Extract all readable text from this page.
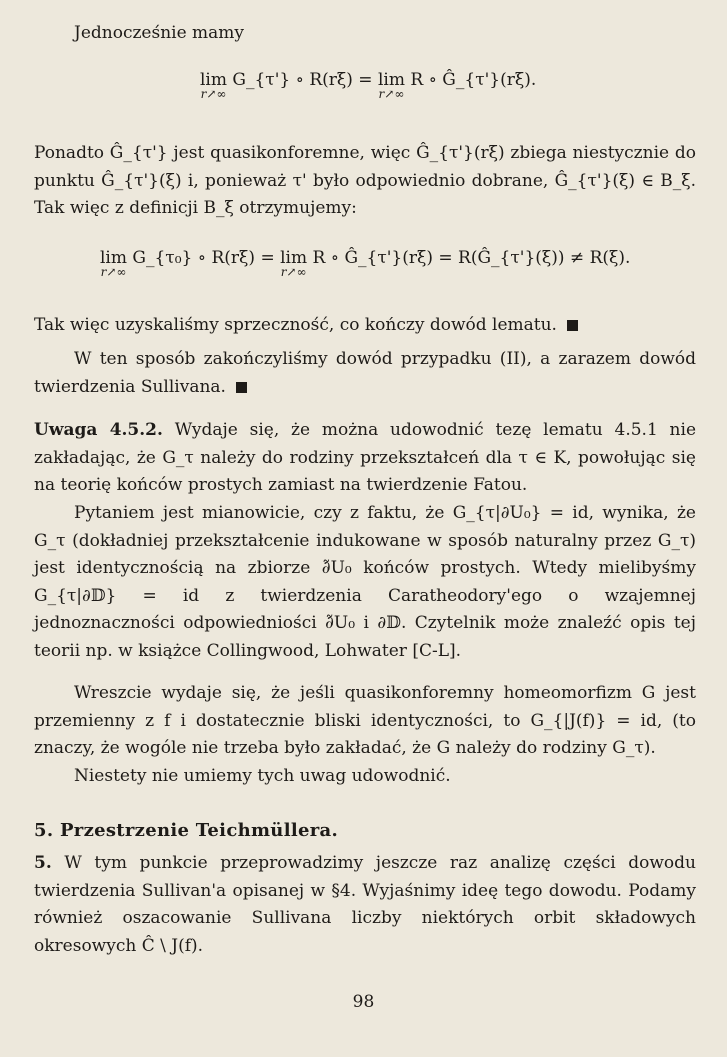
Jednocześnie mamy

lim
r↗∞
G_{τ'} ∘ R(rξ) = lim
r↗∞
R ∘ Ĝ_{τ'}(rξ).

Ponadto Ĝ_{τ'} jest quasikonforemne, więc Ĝ_{τ'}(rξ) zbiega niestycznie do punktu Ĝ_{τ'}(ξ) i, ponieważ τ' było odpowiednio dobrane, Ĝ_{τ'}(ξ) ∈ B_ξ. Tak więc z definicji B_ξ otrzymujemy:

lim
r↗∞
G_{τ₀} ∘ R(rξ) = lim
r↗∞
R ∘ Ĝ_{τ'}(rξ) = R(Ĝ_{τ'}(ξ)) ≠ R(ξ).

Tak więc uzyskaliśmy sprzeczność, co kończy dowód lematu.

W ten sposób zakończyliśmy dowód przypadku (II), a zarazem dowód twierdzenia Sullivana.

Uwaga 4.5.2. Wydaje się, że można udowodnić tezę lematu 4.5.1 nie zakładając, że G_τ należy do rodziny przekształceń dla τ ∈ K, powołując się na teorię końców prostych zamiast na twierdzenie Fatou.

Pytaniem jest mianowicie, czy z faktu, że G_{τ|∂U₀} = id, wynika, że G_τ (dokładniej przekształcenie indukowane w sposób naturalny przez G_τ) jest identycznością na zbiorze ∂̃U₀ końców prostych. Wtedy mielibyśmy G_{τ|∂𝔻} = id z twierdzenia Caratheodory'ego o wzajemnej jednoznaczności odpowiedniości ∂̃U₀ i ∂𝔻. Czytelnik może znaleźć opis tej teorii np. w książce Collingwood, Lohwater [C-L].

Wreszcie wydaje się, że jeśli quasikonforemny homeomorfizm G jest przemienny z f i dostatecznie bliski identyczności, to G_{|J(f)} = id, (to znaczy, że wogóle nie trzeba było zakładać, że G należy do rodziny G_τ).

Niestety nie umiemy tych uwag udowodnić.

5. Przestrzenie Teichmüllera.

5. W tym punkcie przeprowadzimy jeszcze raz analizę części dowodu twierdzenia Sullivan'a opisanej w §4. Wyjaśnimy ideę tego dowodu. Podamy również oszacowanie Sullivana liczby niektórych orbit składowych okresowych Ĉ \ J(f).

98
